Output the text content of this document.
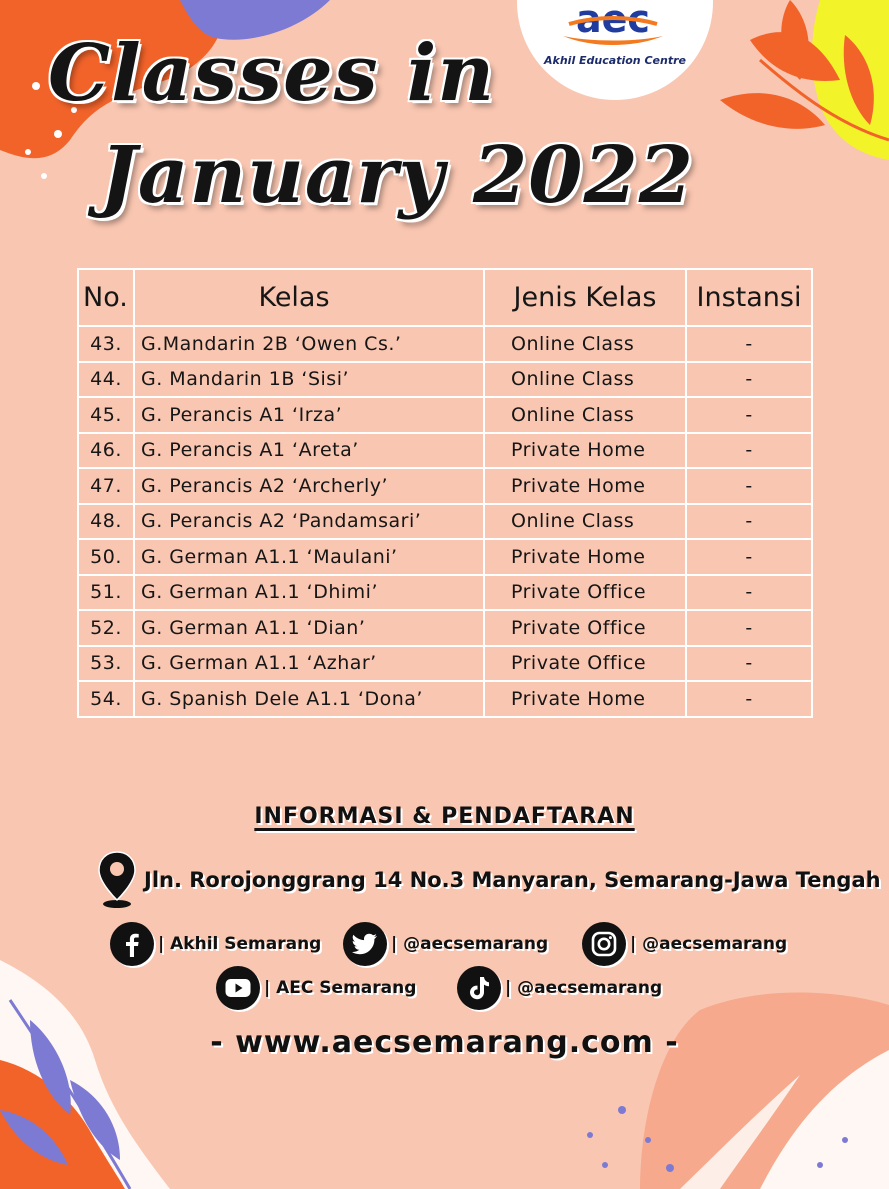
Classes in
January 2022
aec
Akhil Education Centre
No.	Kelas	Jenis Kelas	Instansi
43.	G.Mandarin 2B ‘Owen Cs.’	Online Class	-
44.	G. Mandarin 1B ‘Sisi’	Online Class	-
45.	G. Perancis A1 ‘Irza’	Online Class	-
46.	G. Perancis A1 ‘Areta’	Private Home	-
47.	G. Perancis A2 ‘Archerly’	Private Home	-
48.	G. Perancis A2 ‘Pandamsari’	Online Class	-
50.	G. German A1.1 ‘Maulani’	Private Home	-
51.	G. German A1.1 ‘Dhimi’	Private Office	-
52.	G. German A1.1 ‘Dian’	Private Office	-
53.	G. German A1.1 ‘Azhar’	Private Office	-
54.	G. Spanish Dele A1.1 ‘Dona’	Private Home	-
INFORMASI & PENDAFTARAN
Jln. Rorojonggrang 14 No.3 Manyaran, Semarang-Jawa Tengah
| Akhil Semarang	| @aecsemarang	| @aecsemarang
| AEC Semarang	| @aecsemarang
- www.aecsemarang.com -
